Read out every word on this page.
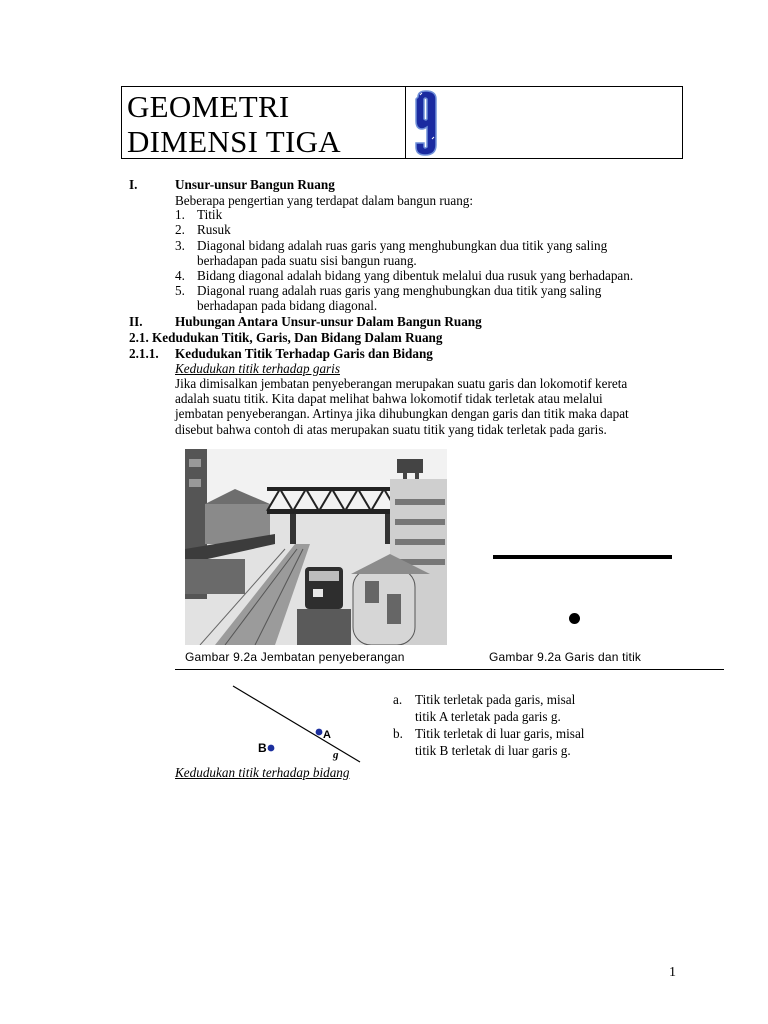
GEOMETRI
DIMENSI TIGA
I.	Unsur-unsur Bangun Ruang
Beberapa pengertian yang terdapat dalam bangun ruang:
1. Titik
2. Rusuk
3. Diagonal bidang adalah ruas garis yang menghubungkan dua titik yang saling
berhadapan pada suatu sisi bangun ruang.
4. Bidang diagonal adalah bidang yang dibentuk melalui dua rusuk yang berhadapan.
5. Diagonal ruang adalah ruas garis yang menghubungkan dua titik yang saling
berhadapan pada bidang diagonal.
II. Hubungan Antara Unsur-unsur Dalam Bangun Ruang
2.1. Kedudukan Titik, Garis, Dan Bidang Dalam Ruang
2.1.1. Kedudukan Titik Terhadap Garis dan Bidang
Kedudukan titik terhadap garis
Jika dimisalkan jembatan penyeberangan merupakan suatu garis dan lokomotif kereta
adalah suatu titik. Kita dapat melihat bahwa lokomotif tidak terletak atau melalui
jembatan penyeberangan. Artinya jika dihubungkan dengan garis dan titik maka dapat
disebut bahwa contoh di atas merupakan suatu titik yang tidak terletak pada garis.
Gambar 9.2a Jembatan penyeberangan	Gambar 9.2a Garis dan titik
A
g
B
a. Titik terletak pada garis, misal
titik A terletak pada garis g.
b. Titik terletak di luar garis, misal
titik B terletak di luar garis g.
Kedudukan titik terhadap bidang
1
